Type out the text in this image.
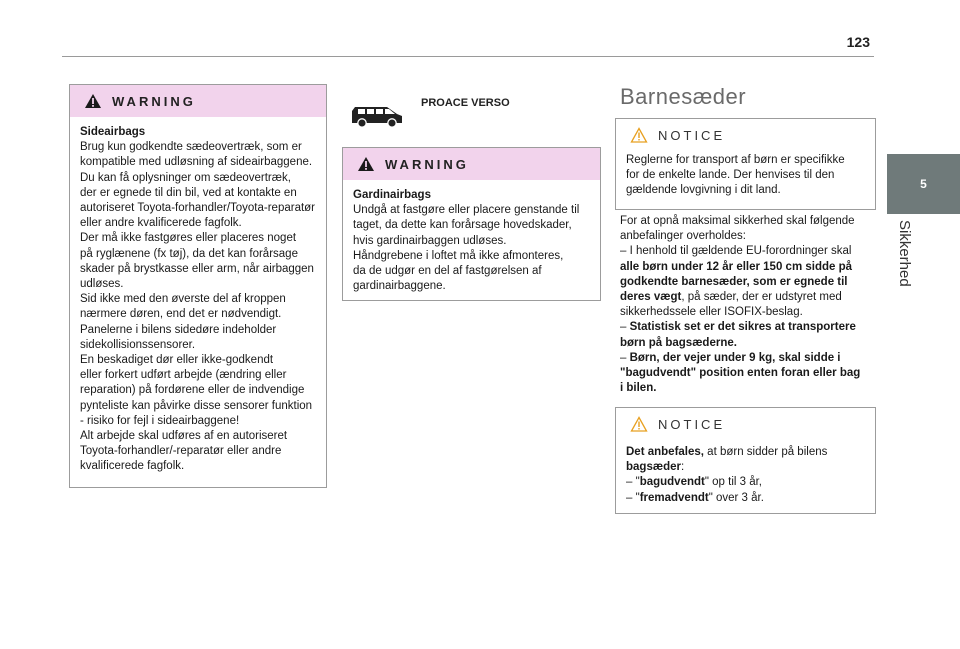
123
5
Sikkerhed
WARNING
Sideairbags
Brug kun godkendte sædeovertræk, som er
kompatible med udløsning af sideairbaggene.
Du kan få oplysninger om sædeovertræk,
der er egnede til din bil, ved at kontakte en
autoriseret Toyota-forhandler/Toyota-reparatør
eller andre kvalificerede fagfolk.
Der må ikke fastgøres eller placeres noget
på ryglænene (fx tøj), da det kan forårsage
skader på brystkasse eller arm, når airbaggen
udløses.
Sid ikke med den øverste del af kroppen
nærmere døren, end det er nødvendigt.
Panelerne i bilens sidedøre indeholder
sidekollisionssensorer.
En beskadiget dør eller ikke-godkendt
eller forkert udført arbejde (ændring eller
reparation) på fordørene eller de indvendige
pynteliste kan påvirke disse sensorer funktion
- risiko for fejl i sideairbaggene!
Alt arbejde skal udføres af en autoriseret
Toyota-forhandler/-reparatør eller andre
kvalificerede fagfolk.
PROACE VERSO
WARNING
Gardinairbags
Undgå at fastgøre eller placere genstande til
taget, da dette kan forårsage hovedskader,
hvis gardinairbaggen udløses.
Håndgrebene i loftet må ikke afmonteres,
da de udgør en del af fastgørelsen af
gardinairbaggene.
Barnesæder
NOTICE
Reglerne for transport af børn er specifikke
for de enkelte lande. Der henvises til den
gældende lovgivning i dit land.
For at opnå maksimal sikkerhed skal følgende
anbefalinger overholdes:
– I henhold til gældende EU-forordninger skal
alle børn under 12 år eller 150 cm sidde på
godkendte barnesæder, som er egnede til
deres vægt, på sæder, der er udstyret med
sikkerhedssele eller ISOFIX-beslag.
– Statistisk set er det sikres at transportere
børn på bagsæderne.
– Børn, der vejer under 9 kg, skal sidde i
"bagudvendt" position enten foran eller bag
i bilen.
NOTICE
Det anbefales, at børn sidder på bilens
bagsæder:
– "bagudvendt" op til 3 år,
– "fremadvendt" over 3 år.
